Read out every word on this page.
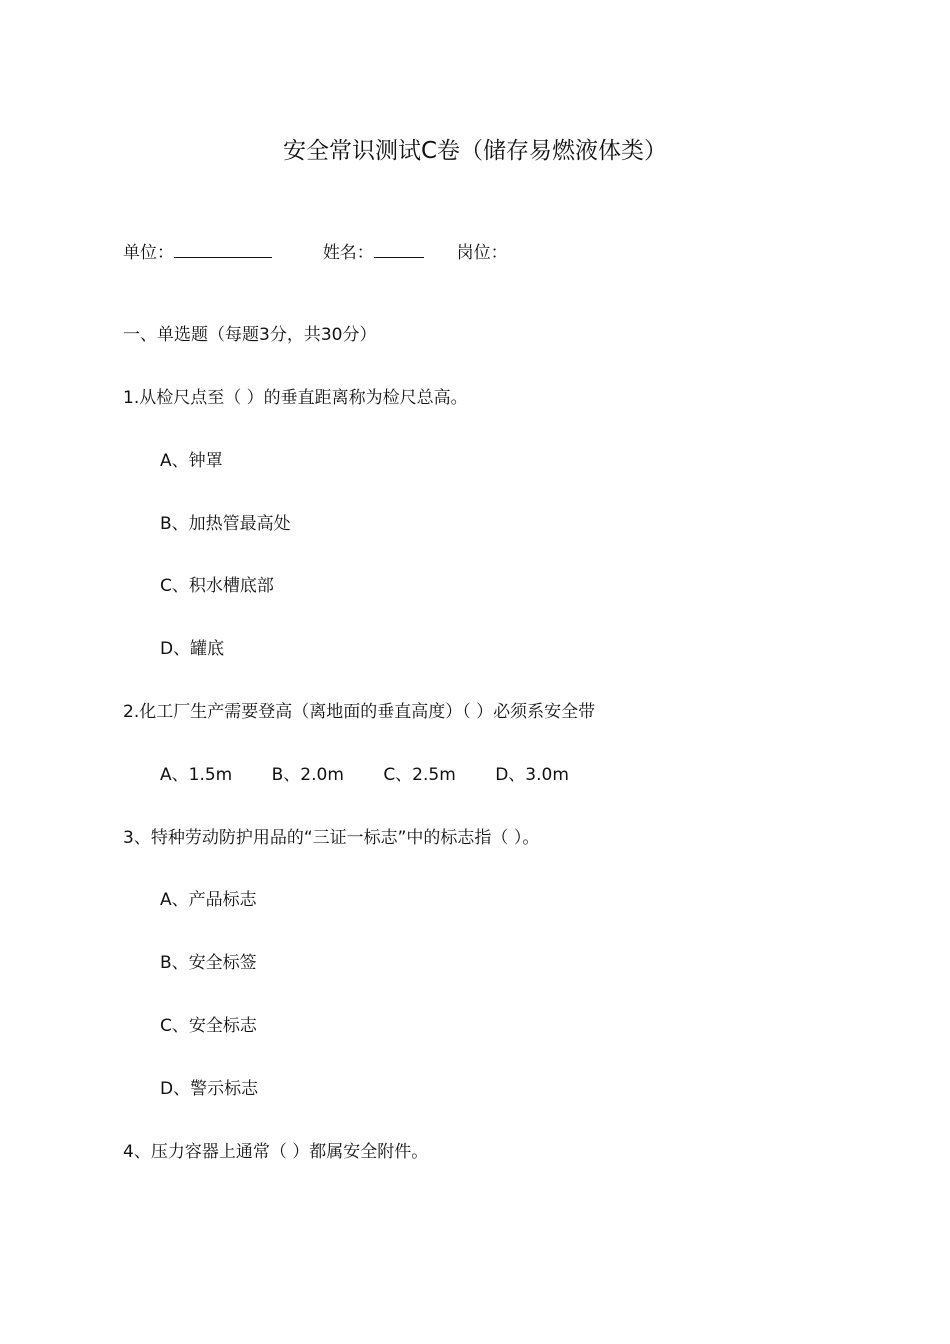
安全常识测试C卷（储存易燃液体类）
单位：	姓名：	岗位：
一、单选题（每题3分，共30分）
1.从检尺点至（ ）的垂直距离称为检尺总高。
A、钟罩
B、加热管最高处
C、积水槽底部
D、罐底
2.化工厂生产需要登高（离地面的垂直高度）（ ）必须系安全带
A、1.5m B、2.0m C、2.5m D、3.0m
3、特种劳动防护用品的“三证一标志”中的标志指（ ）。
A、产品标志
B、安全标签
C、安全标志
D、警示标志
4、压力容器上通常（ ）都属安全附件。
